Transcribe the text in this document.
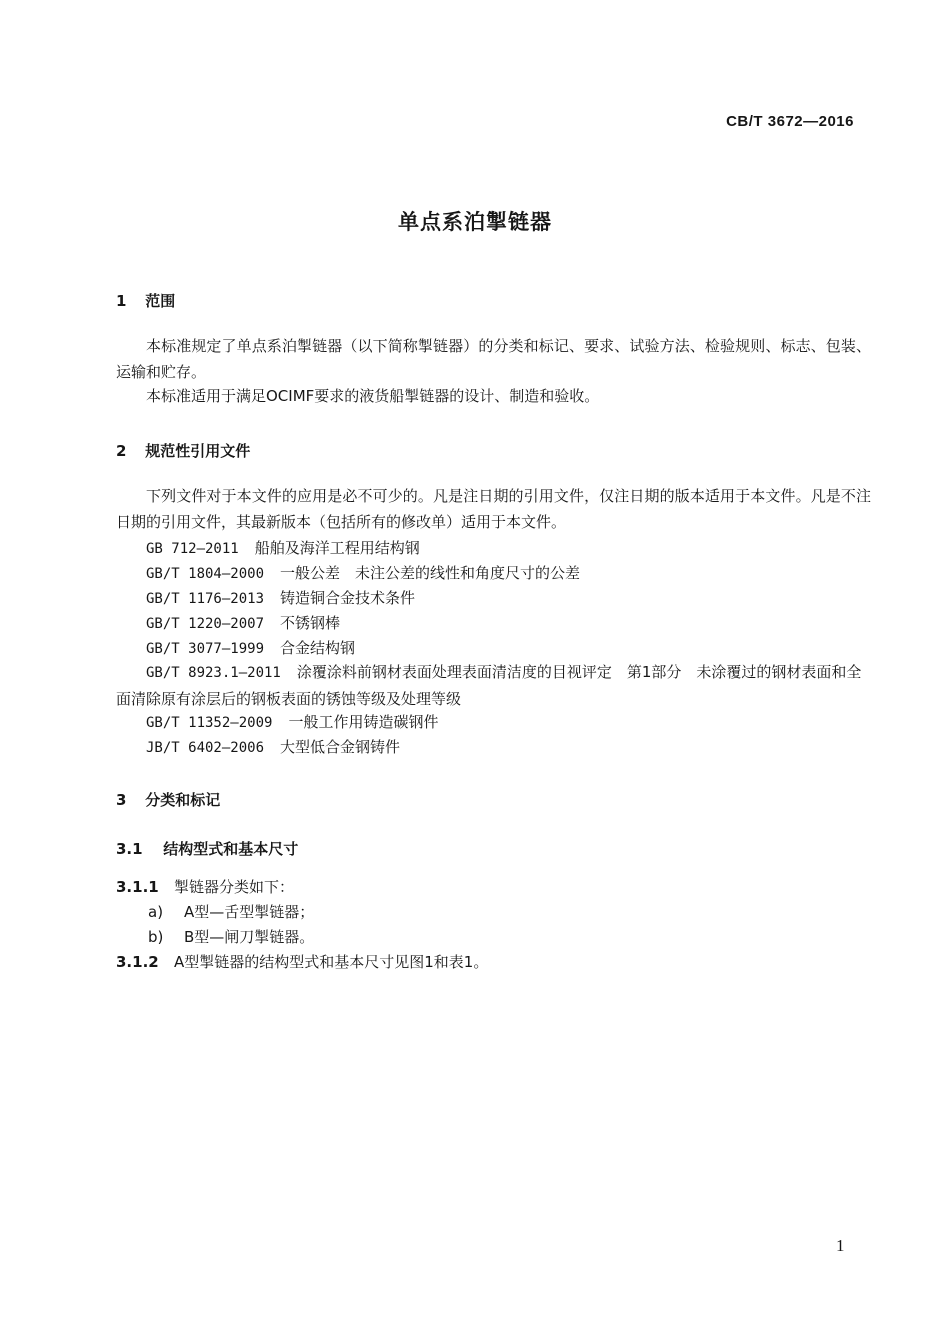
CB/T 3672—2016
单点系泊掣链器
1 范围
本标准规定了单点系泊掣链器（以下简称掣链器）的分类和标记、要求、试验方法、检验规则、标志、包装、运输和贮存。
本标准适用于满足OCIMF要求的液货船掣链器的设计、制造和验收。
2 规范性引用文件
下列文件对于本文件的应用是必不可少的。凡是注日期的引用文件，仅注日期的版本适用于本文件。凡是不注日期的引用文件，其最新版本（包括所有的修改单）适用于本文件。
GB 712—2011 船舶及海洋工程用结构钢
GB/T 1804—2000 一般公差　未注公差的线性和角度尺寸的公差
GB/T 1176—2013 铸造铜合金技术条件
GB/T 1220—2007 不锈钢棒
GB/T 3077—1999 合金结构钢
GB/T 8923.1—2011 涂覆涂料前钢材表面处理表面清洁度的目视评定　第1部分　未涂覆过的钢材表面和全面清除原有涂层后的钢板表面的锈蚀等级及处理等级
GB/T 11352—2009 一般工作用铸造碳钢件
JB/T 6402—2006 大型低合金钢铸件
3 分类和标记
3.1 结构型式和基本尺寸
3.1.1 掣链器分类如下：
a) A型—舌型掣链器；
b) B型—闸刀掣链器。
3.1.2 A型掣链器的结构型式和基本尺寸见图1和表1。
1
